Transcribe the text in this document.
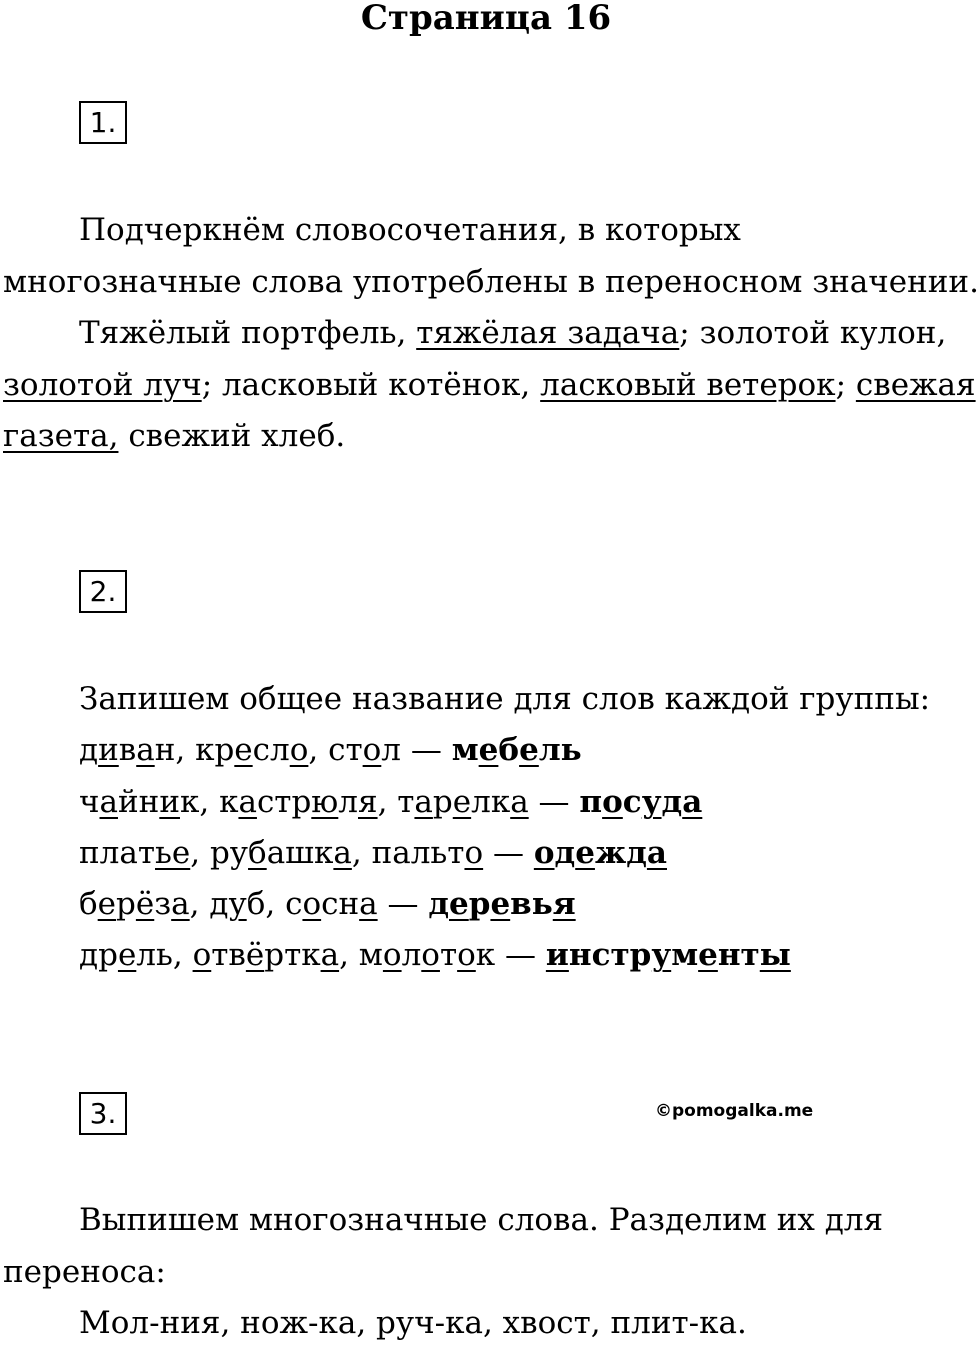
Страница 16
1.
Подчеркнём словосочетания, в которых
многозначные слова употреблены в переносном значении.
Тяжёлый портфель, тяжёлая задача; золотой кулон,
золотой луч; ласковый котёнок, ласковый ветерок; свежая
газета, свежий хлеб.
2.
Запишем общее название для слов каждой группы:
диван, кресло, стол — мебель
чайник, кастрюля, тарелка — посуда
платье, рубашка, пальто — одежда
берёза, дуб, сосна — деревья
дрель, отвёртка, молоток — инструменты
3.	©pomogalka.me
Выпишем многозначные слова. Разделим их для
переноса:
Мол-ния, нож-ка, руч-ка, хвост, плит-ка.
